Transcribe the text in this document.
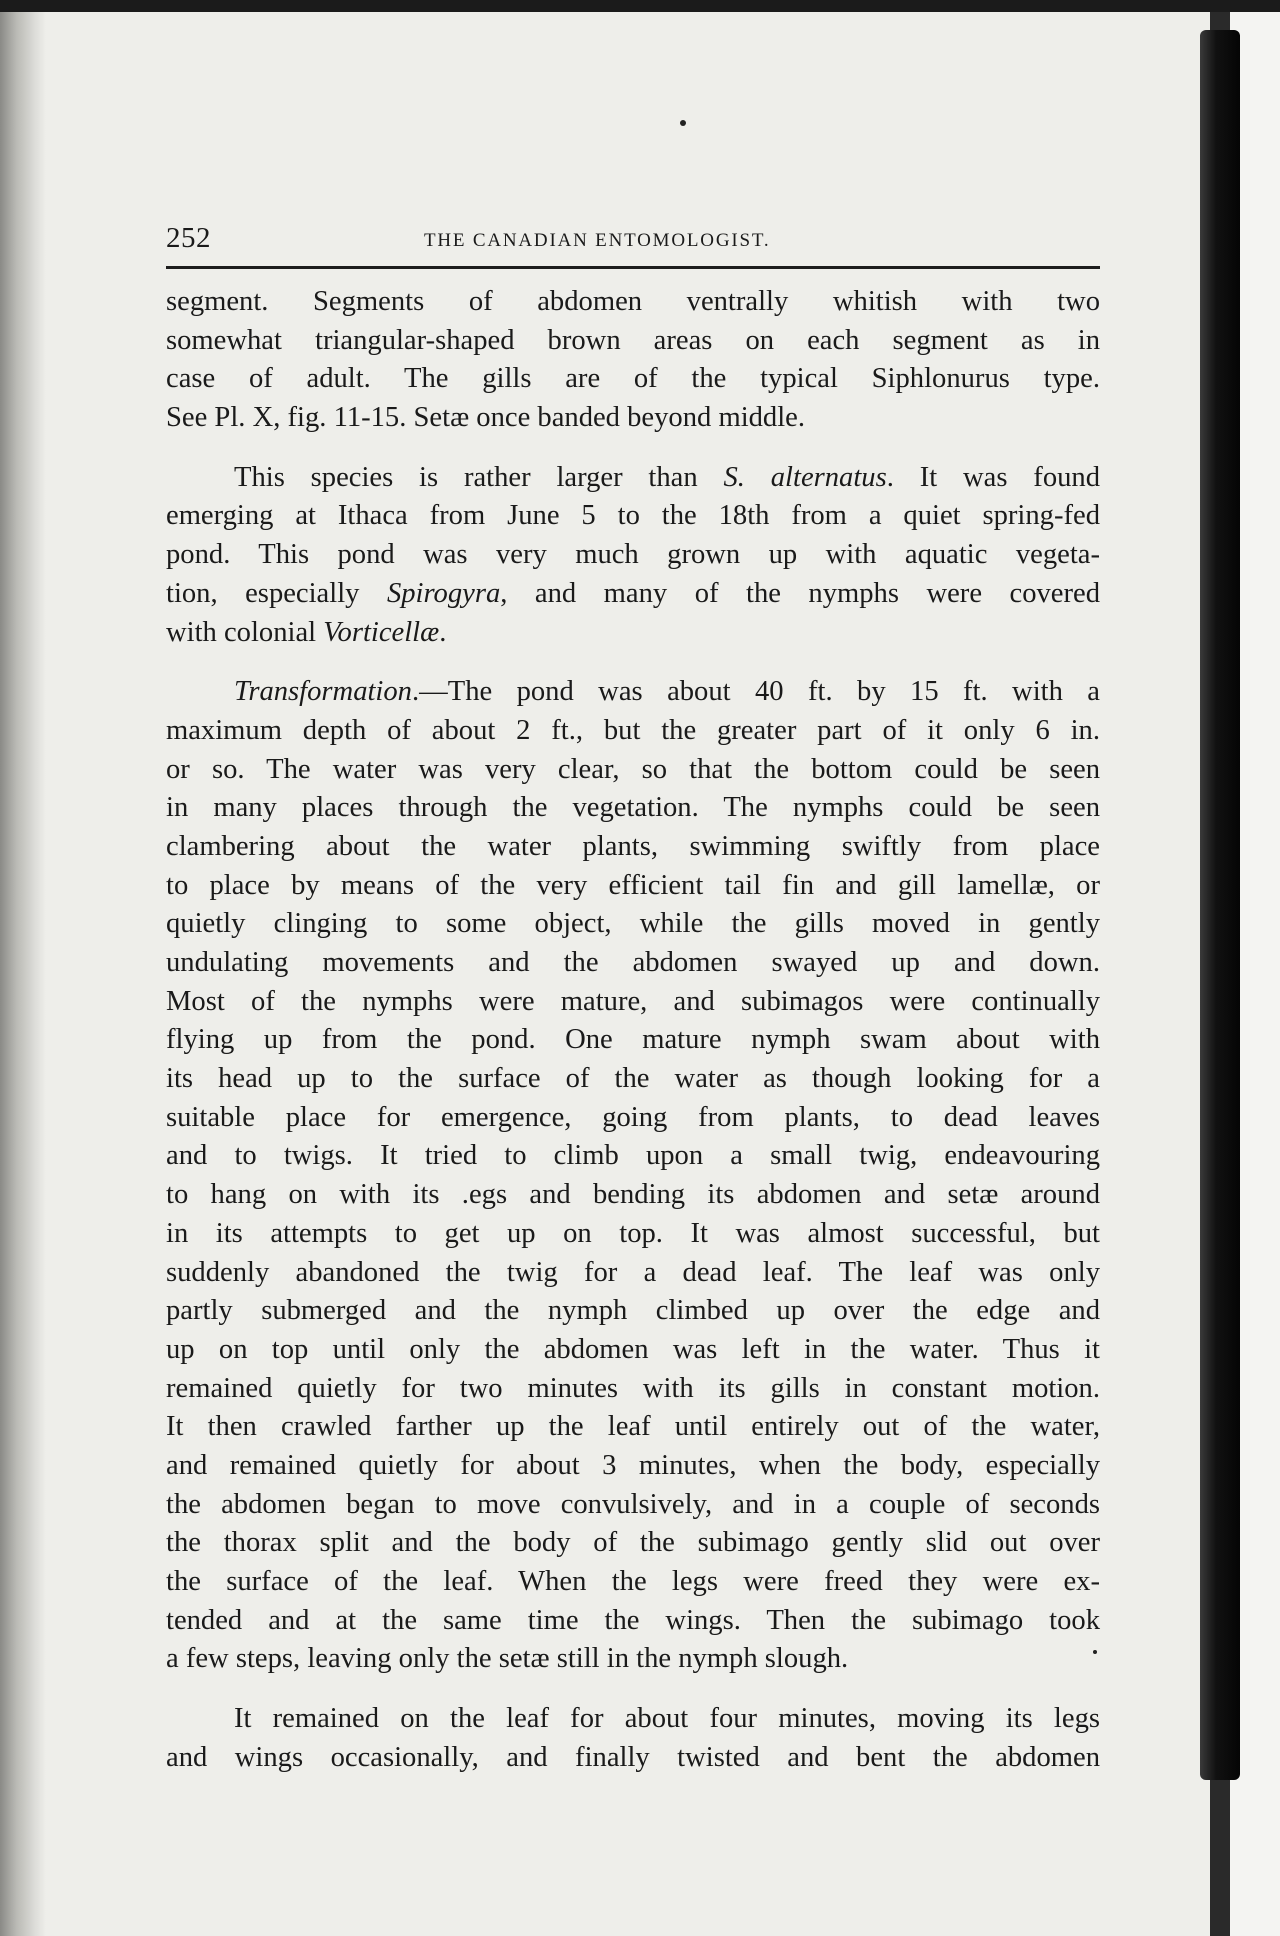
252	THE CANADIAN ENTOMOLOGIST.
segment. Segments of abdomen ventrally whitish with two
somewhat triangular-shaped brown areas on each segment as in
case of adult. The gills are of the typical Siphlonurus type.
See Pl. X, fig. 11-15. Setæ once banded beyond middle.
This species is rather larger than S. alternatus. It was found
emerging at Ithaca from June 5 to the 18th from a quiet spring-fed
pond. This pond was very much grown up with aquatic vegeta-
tion, especially Spirogyra, and many of the nymphs were covered
with colonial Vorticellæ.
Transformation.—The pond was about 40 ft. by 15 ft. with a
maximum depth of about 2 ft., but the greater part of it only 6 in.
or so. The water was very clear, so that the bottom could be seen
in many places through the vegetation. The nymphs could be seen
clambering about the water plants, swimming swiftly from place
to place by means of the very efficient tail fin and gill lamellæ, or
quietly clinging to some object, while the gills moved in gently
undulating movements and the abdomen swayed up and down.
Most of the nymphs were mature, and subimagos were continually
flying up from the pond. One mature nymph swam about with
its head up to the surface of the water as though looking for a
suitable place for emergence, going from plants, to dead leaves
and to twigs. It tried to climb upon a small twig, endeavouring
to hang on with its .egs and bending its abdomen and setæ around
in its attempts to get up on top. It was almost successful, but
suddenly abandoned the twig for a dead leaf. The leaf was only
partly submerged and the nymph climbed up over the edge and
up on top until only the abdomen was left in the water. Thus it
remained quietly for two minutes with its gills in constant motion.
It then crawled farther up the leaf until entirely out of the water,
and remained quietly for about 3 minutes, when the body, especially
the abdomen began to move convulsively, and in a couple of seconds
the thorax split and the body of the subimago gently slid out over
the surface of the leaf. When the legs were freed they were ex-
tended and at the same time the wings. Then the subimago took
a few steps, leaving only the setæ still in the nymph slough.
It remained on the leaf for about four minutes, moving its legs
and wings occasionally, and finally twisted and bent the abdomen
